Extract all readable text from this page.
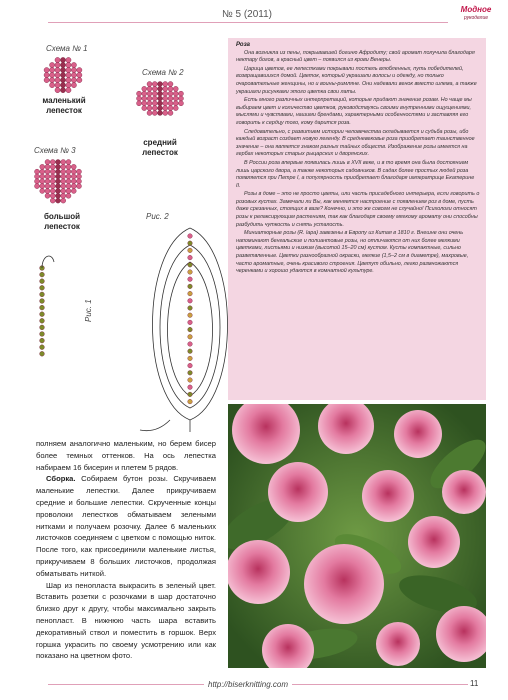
№ 5 (2011)	Модное
рукоделие
Схема № 1
маленький
лепесток
Схема № 2
средний
лепесток
Схема № 3
большой
лепесток
Рис. 2
Рис. 1
Роза

Она возникла из пены, покрывавшей богиню Афродиту; свой аромат получила благодаря нектару богов, а красный цвет – появился из крови Венеры.

Царица цветов, ее лепестками покрывали постель влюбленных, путь победителей, возвращавшихся домой. Цветок, который украшали волосы и одежду, но только очаровательные женщины, но и воины-римляне. Они надевали венок вместо шлема, а также украшали рисунками этого цветка свои латы.

Есть много различных интерпретаций, которые придают значение розам. Но чаще мы выбираем цвет и количество цветков, руководствуясь своими внутренними ощущениями, мыслями и чувствами, нашими брендами, характерными особенностями и заставляя его говорить к сердцу того, кому дарится роза.

Следовательно, с развитием истории человечества складывается и судьба розы, ибо каждый возраст создает новую легенду. В средневековье роза приобретает таинственное значение – она является знаком разных тайных обществ. Изображение розы имеется на гербах некоторых старых рыцарских и дворянских.

В России роза впервые появилась лишь в XVII веке, и в то время она была достоянием лишь царского двора, а также некоторых садовников. В садах более простых людей роза появляется при Петре I, а популярность приобретает благодаря императрице Екатерине II.

Розы в доме – это не просто цветы, или часть присадебного интерьера, если говорить о розовых кустах. Замечали ли Вы, как меняется настроение с появлением роз в доме, пусть даже срезанных, стоящих в вазе? Конечно, и это же совсем не случайно! Психологи относят розы к релаксирующим растениям, так как благодаря своему мягкому аромату они способны разбудить чуткость и снять усталость.

Миниатюрные розы (R. lapa) завезены в Европу из Китая в 1810 г. Внешне они очень напоминают бенгальские и полиантовые розы, но отличаются от них более мелкими цветками, листьями и низким (высотой 15–20 см) кустом. Кусты компактные, сильно разветвленные. Цветки разнообразной окраски, мелкие (1,5–2 см в диаметре), махровые, часто ароматные, очень красивого строения. Цветут обильно, легко размножаются черенками и хорошо удаются в комнатной культуре.

полняем аналогично маленьким, но берем бисер более темных оттенков. На ось лепестка набираем 16 бисерин и плетем 5 рядов.

Сборка. Собираем бутон розы. Скручиваем маленькие лепестки. Далее прикручиваем средние и большие лепестки. Скрученные концы проволоки лепестков обматываем зелеными нитками и получаем розочку. Далее 6 маленьких листочков соединяем с цветком с помощью ниток. После того, как присоединили маленькие листья, прикручиваем 8 больших листочков, продолжая обматывать ниткой.

Шар из пенопласта выкрасить в зеленый цвет. Вставить розетки с розочками в шар достаточно близко друг к другу, чтобы максимально закрыть пенопласт. В нижнюю часть шара вставить декоративный ствол и поместить в горшок. Верх горшка украсить по своему усмотрению или как показано на цветном фото.

http://biserknitting.com	11
